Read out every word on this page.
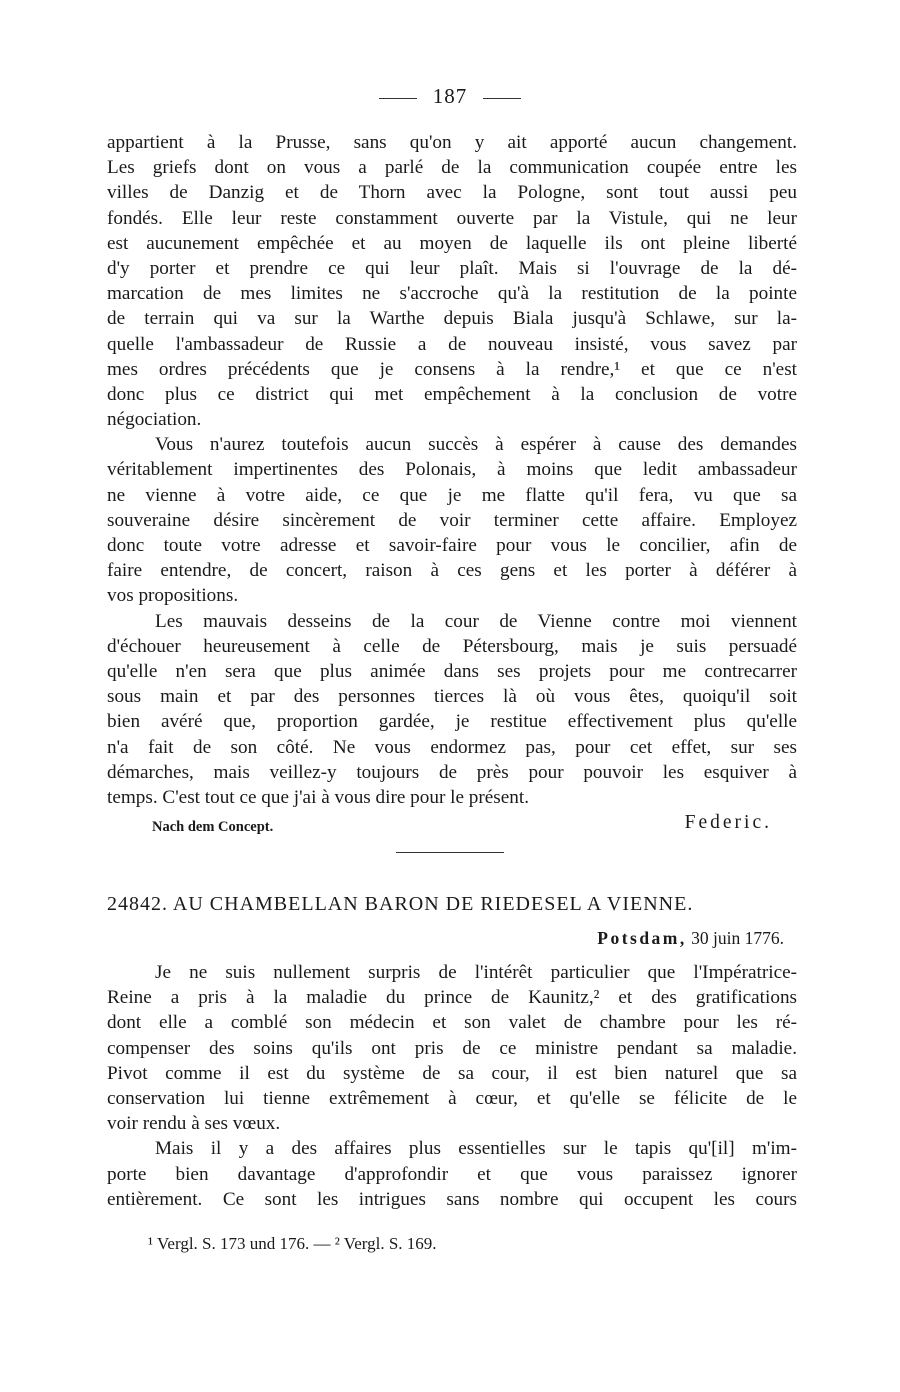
187
appartient à la Prusse, sans qu'on y ait apporté aucun changement.
Les griefs dont on vous a parlé de la communication coupée entre les
villes de Danzig et de Thorn avec la Pologne, sont tout aussi peu
fondés. Elle leur reste constamment ouverte par la Vistule, qui ne leur
est aucunement empêchée et au moyen de laquelle ils ont pleine liberté
d'y porter et prendre ce qui leur plaît. Mais si l'ouvrage de la dé-
marcation de mes limites ne s'accroche qu'à la restitution de la pointe
de terrain qui va sur la Warthe depuis Biala jusqu'à Schlawe, sur la-
quelle l'ambassadeur de Russie a de nouveau insisté, vous savez par
mes ordres précédents que je consens à la rendre,¹ et que ce n'est
donc plus ce district qui met empêchement à la conclusion de votre
négociation.
Vous n'aurez toutefois aucun succès à espérer à cause des demandes
véritablement impertinentes des Polonais, à moins que ledit ambassadeur
ne vienne à votre aide, ce que je me flatte qu'il fera, vu que sa
souveraine désire sincèrement de voir terminer cette affaire. Employez
donc toute votre adresse et savoir-faire pour vous le concilier, afin de
faire entendre, de concert, raison à ces gens et les porter à déférer à
vos propositions.
Les mauvais desseins de la cour de Vienne contre moi viennent
d'échouer heureusement à celle de Pétersbourg, mais je suis persuadé
qu'elle n'en sera que plus animée dans ses projets pour me contrecarrer
sous main et par des personnes tierces là où vous êtes, quoiqu'il soit
bien avéré que, proportion gardée, je restitue effectivement plus qu'elle
n'a fait de son côté. Ne vous endormez pas, pour cet effet, sur ses
démarches, mais veillez-y toujours de près pour pouvoir les esquiver à
temps. C'est tout ce que j'ai à vous dire pour le présent.
Nach dem Concept.	Federic.
24842. AU CHAMBELLAN BARON DE RIEDESEL A VIENNE.
Potsdam, 30 juin 1776.
Je ne suis nullement surpris de l'intérêt particulier que l'Impératrice-
Reine a pris à la maladie du prince de Kaunitz,² et des gratifications
dont elle a comblé son médecin et son valet de chambre pour les ré-
compenser des soins qu'ils ont pris de ce ministre pendant sa maladie.
Pivot comme il est du système de sa cour, il est bien naturel que sa
conservation lui tienne extrêmement à cœur, et qu'elle se félicite de le
voir rendu à ses vœux.
Mais il y a des affaires plus essentielles sur le tapis qu'[il] m'im-
porte bien davantage d'approfondir et que vous paraissez ignorer
entièrement. Ce sont les intrigues sans nombre qui occupent les cours
¹ Vergl. S. 173 und 176. — ² Vergl. S. 169.
